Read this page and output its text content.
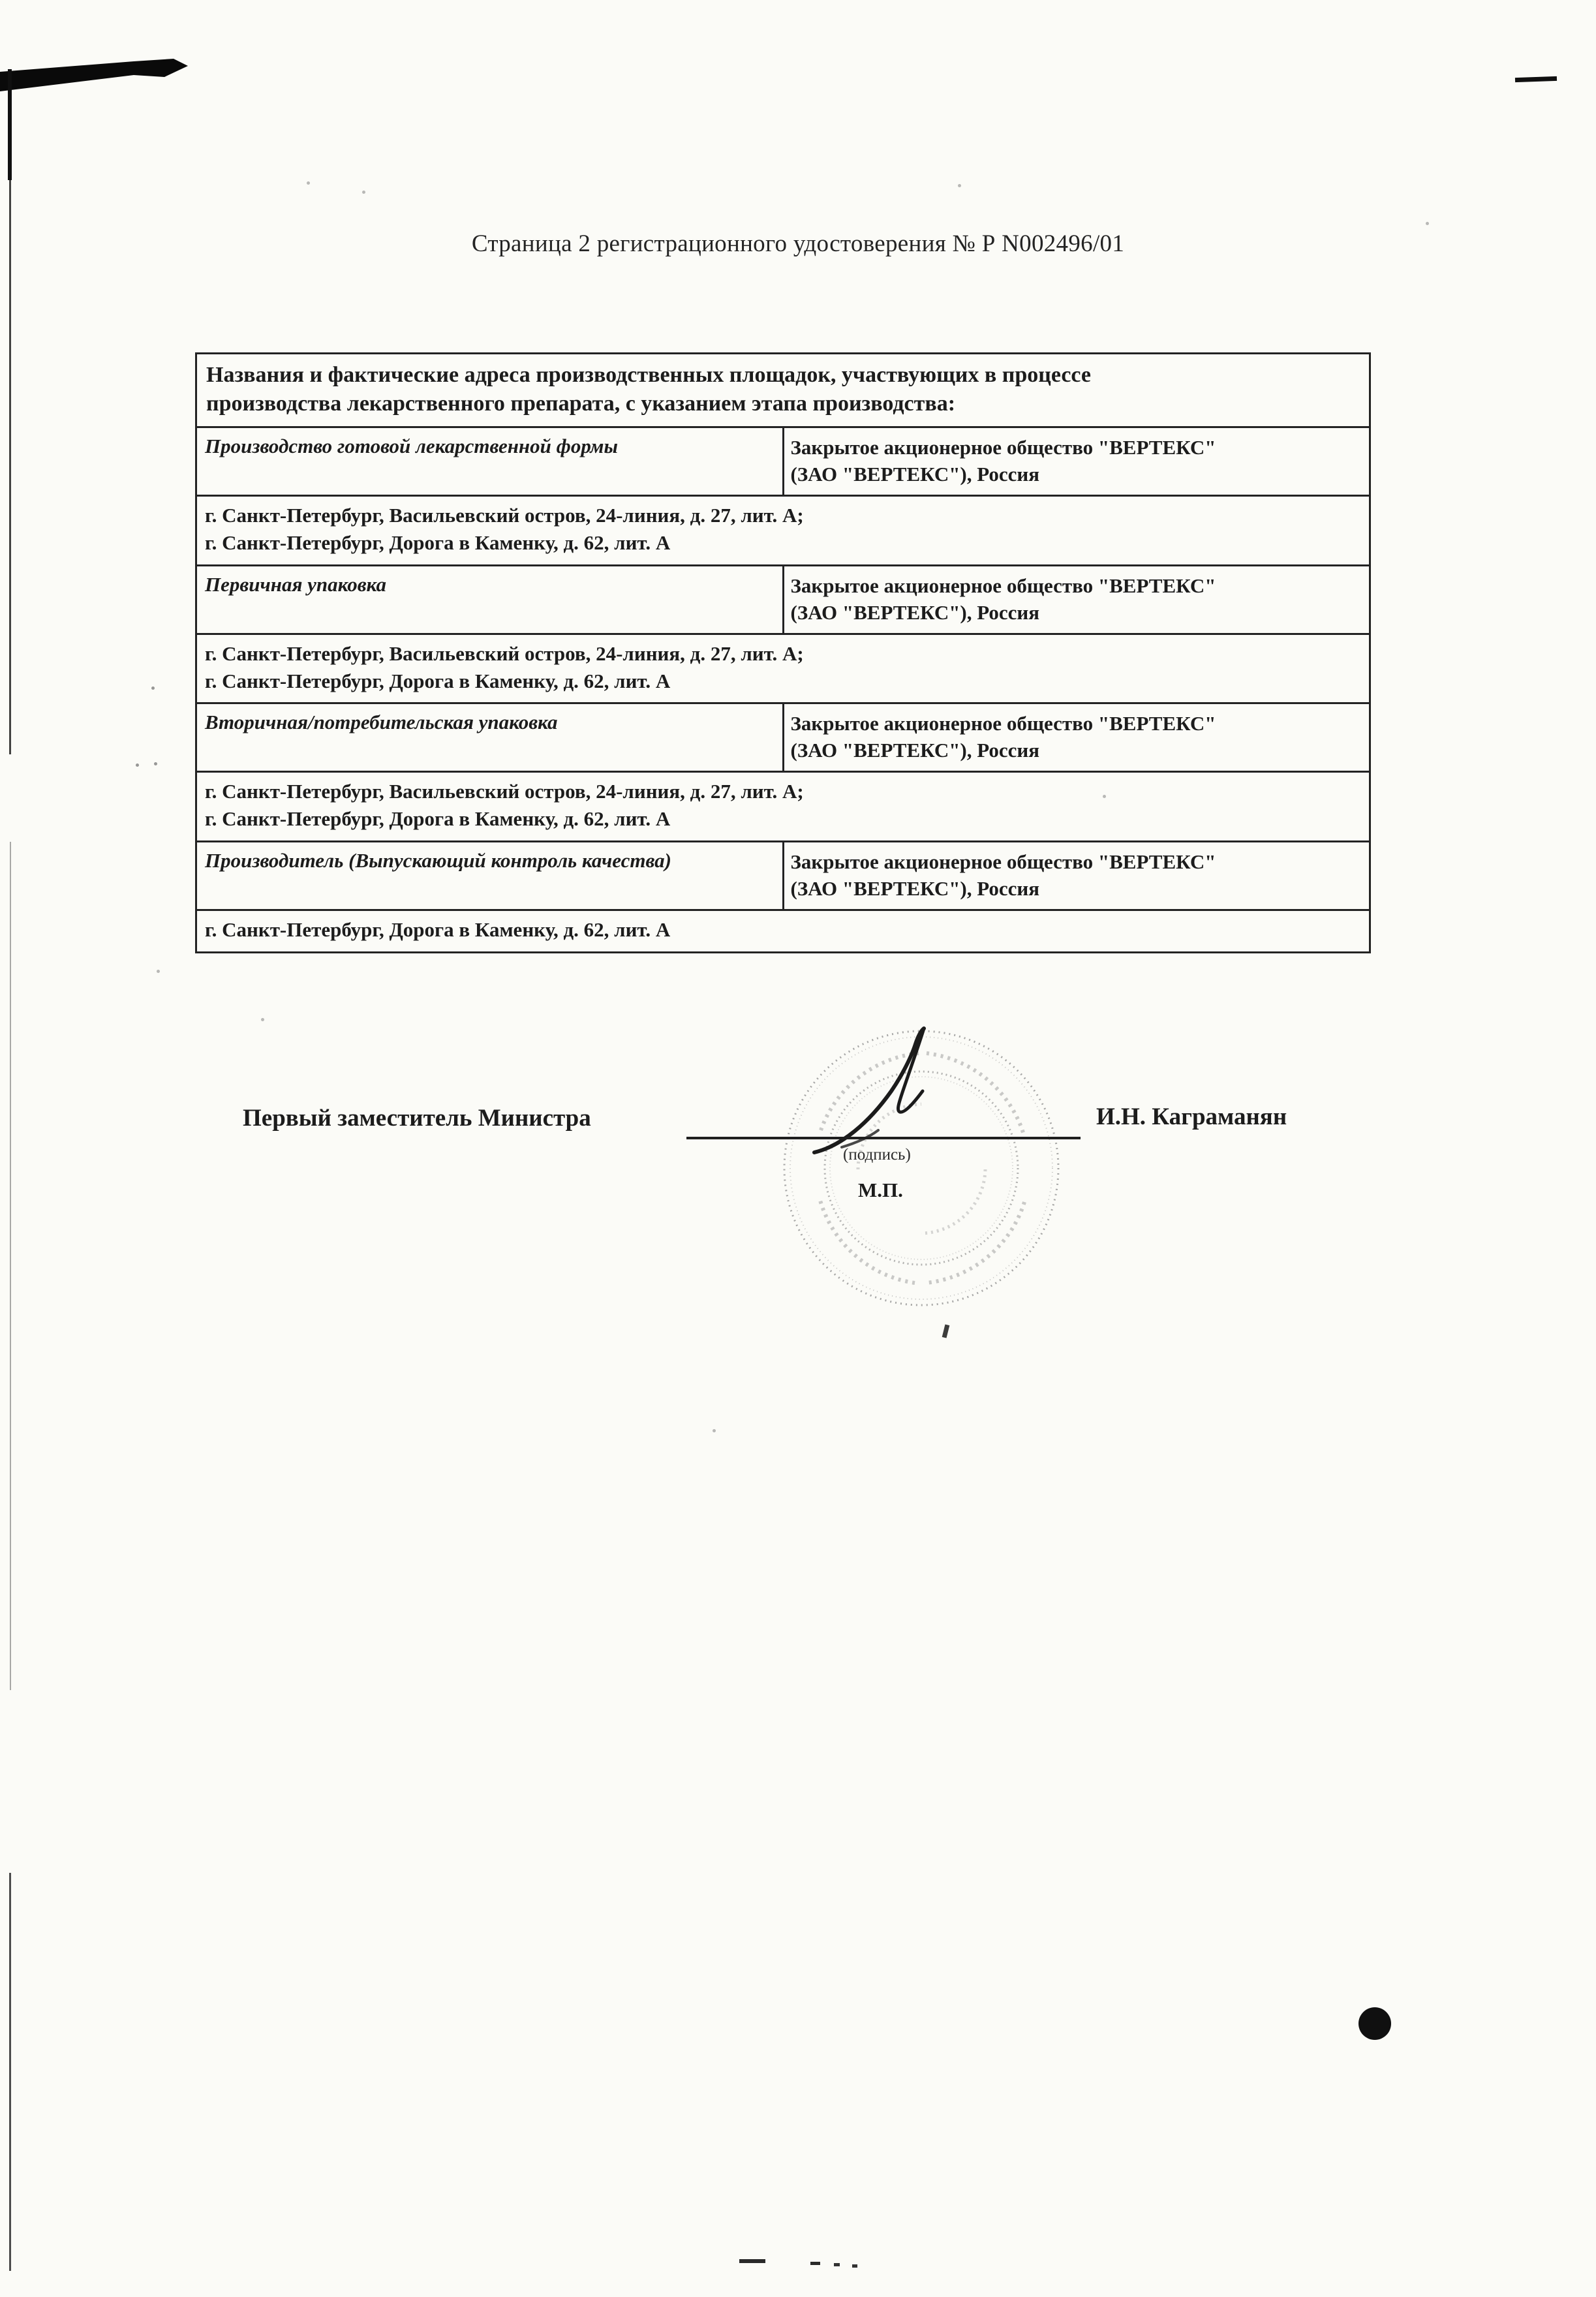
Страница 2 регистрационного удостоверения № Р N002496/01
Названия и фактические адреса производственных площадок, участвующих в процессе
производства лекарственного препарата, с указанием этапа производства:	

Производство готовой лекарственной формы	Закрытое акционерное общество "ВЕРТЕКС"
(ЗАО "ВЕРТЕКС"), Россия

г. Санкт-Петербург, Васильевский остров, 24-линия, д. 27, лит. А;
г. Санкт-Петербург, Дорога в Каменку, д. 62, лит. А	

Первичная упаковка	Закрытое акционерное общество "ВЕРТЕКС"
(ЗАО "ВЕРТЕКС"), Россия

г. Санкт-Петербург, Васильевский остров, 24-линия, д. 27, лит. А;
г. Санкт-Петербург, Дорога в Каменку, д. 62, лит. А	

Вторичная/потребительская упаковка	Закрытое акционерное общество "ВЕРТЕКС"
(ЗАО "ВЕРТЕКС"), Россия

г. Санкт-Петербург, Васильевский остров, 24-линия, д. 27, лит. А;
г. Санкт-Петербург, Дорога в Каменку, д. 62, лит. А	

Производитель (Выпускающий контроль качества)	Закрытое акционерное общество "ВЕРТЕКС"
(ЗАО "ВЕРТЕКС"), Россия

г. Санкт-Петербург, Дорога в Каменку, д. 62, лит. А	
Первый заместитель Министра
(подпись)
М.П.
И.Н. Каграманян
